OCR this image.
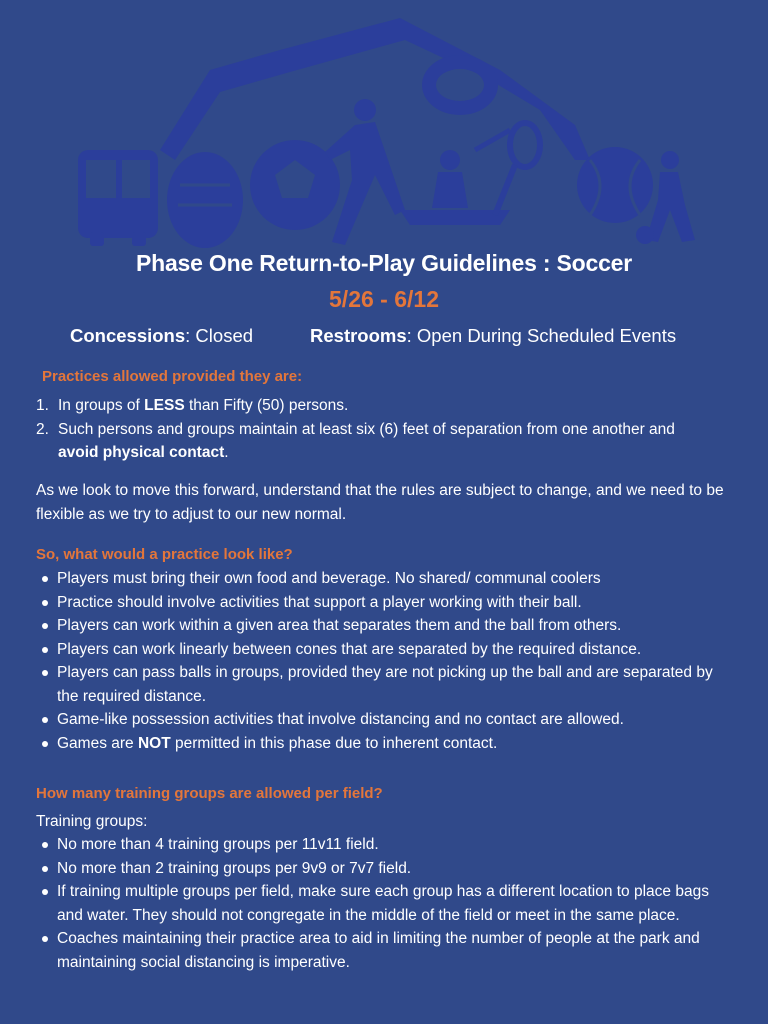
Phase One Return-to-Play Guidelines : Soccer
5/26 - 6/12
Concessions: Closed	Restrooms: Open During Scheduled Events
Practices allowed provided they are:
1. In groups of LESS than Fifty (50) persons.
2. Such persons and groups maintain at least six (6) feet of separation from one another and avoid physical contact.
As we look to move this forward, understand that the rules are subject to change, and we need to be flexible as we try to adjust to our new normal.
So, what would a practice look like?
Players must bring their own food and beverage. No shared/ communal coolers
Practice should involve activities that support a player working with their ball.
Players can work within a given area that separates them and the ball from others.
Players can work linearly between cones that are separated by the required distance.
Players can pass balls in groups, provided they are not picking up the ball and are separated by the required distance.
Game-like possession activities that involve distancing and no contact are allowed.
Games are NOT permitted in this phase due to inherent contact.
How many training groups are allowed per field?
Training groups:
No more than 4 training groups per 11v11 field.
No more than 2 training groups per 9v9 or 7v7 field.
If training multiple groups per field, make sure each group has a different location to place bags and water. They should not congregate in the middle of the field or meet in the same place.
Coaches maintaining their practice area to aid in limiting the number of people at the park and maintaining social distancing is imperative.
